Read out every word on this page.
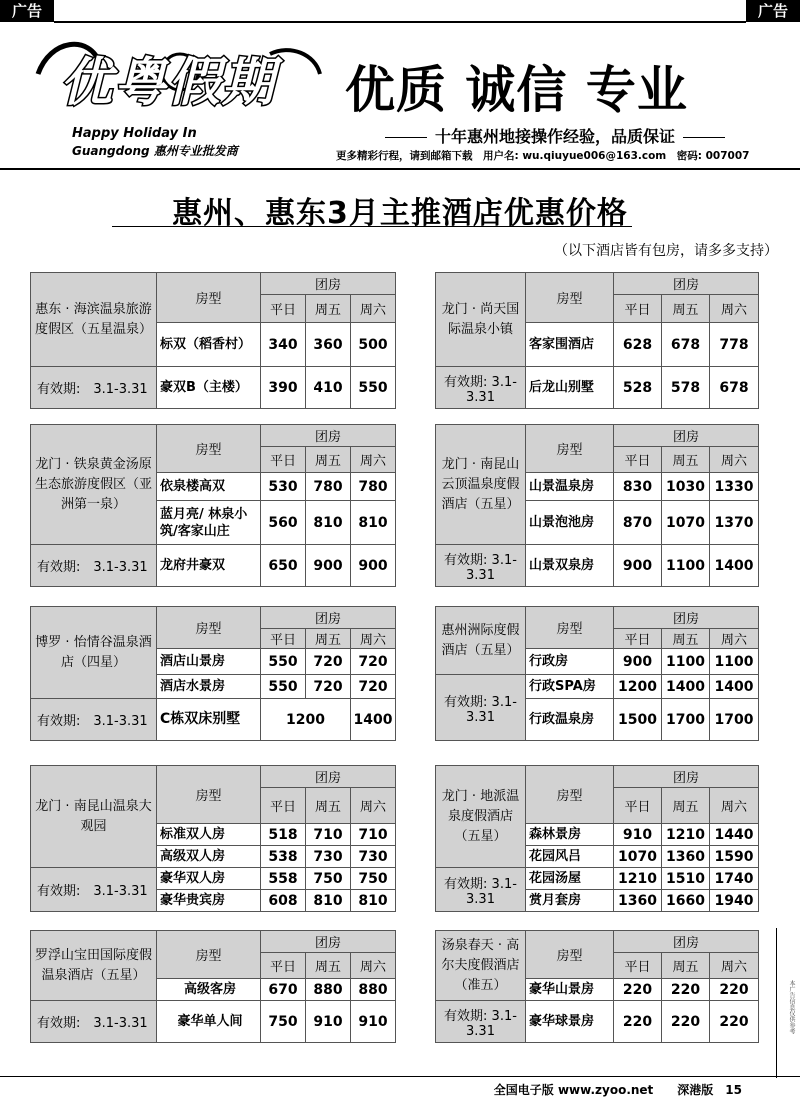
广告	广告
优粤假期
Happy Holiday In
Guangdong 惠州专业批发商
优质 诚信 专业
十年惠州地接操作经验，品质保证
更多精彩行程，请到邮箱下载　用户名: wu.qiuyue006@163.com　密码: 007007
惠州、惠东3月主推酒店优惠价格
（以下酒店皆有包房，请多多支持）
惠东 · 海滨温泉旅游度假区（五星温泉）	房型	团房		
		平日	周五	周六
	标双（稻香村）	340	360	500
有效期:　3.1-3.31	豪双B（主楼）	390	410	550
龙门 · 尚天国际温泉小镇	房型	团房		
		平日	周五	周六
	客家围酒店	628	678	778
有效期: 3.1-3.31	后龙山别墅	528	578	678
龙门 · 铁泉黄金汤原生态旅游度假区（亚洲第一泉）	房型	团房		
		平日	周五	周六
	依泉楼高双	530	780	780
	蓝月亮/ 林泉小筑/客家山庄	560	810	810
有效期:　3.1-3.31	龙府井豪双	650	900	900
龙门 · 南昆山云顶温泉度假酒店（五星）	房型	团房		
		平日	周五	周六
	山景温泉房	830	1030	1330
	山景泡池房	870	1070	1370
有效期: 3.1-3.31	山景双泉房	900	1100	1400
博罗 · 怡情谷温泉酒店（四星）	房型	团房		
		平日	周五	周六
	酒店山景房	550	720	720
	酒店水景房	550	720	720
有效期:　3.1-3.31	C栋双床别墅	1200		1400
惠州洲际度假酒店（五星）	房型	团房		
		平日	周五	周六
	行政房	900	1100	1100
有效期: 3.1-3.31	行政SPA房	1200	1400	1400
	行政温泉房	1500	1700	1700
龙门 · 南昆山温泉大观园	房型	团房		
		平日	周五	周六
	标准双人房	518	710	710
	高级双人房	538	730	730
有效期:　3.1-3.31	豪华双人房	558	750	750
	豪华贵宾房	608	810	810
龙门 · 地派温泉度假酒店（五星）	房型	团房		
		平日	周五	周六
	森林景房	910	1210	1440
	花园风吕	1070	1360	1590
有效期: 3.1-3.31	花园汤屋	1210	1510	1740
	赏月套房	1360	1660	1940
罗浮山宝田国际度假温泉酒店（五星）	房型	团房		
		平日	周五	周六
	高级客房	670	880	880
有效期:　3.1-3.31	豪华单人间	750	910	910
汤泉春天 · 高尔夫度假酒店（准五）	房型	团房		
		平日	周五	周六
	豪华山景房	220	220	220
有效期: 3.1-3.31	豪华球景房	220	220	220	本广告信息仅供参考
全国电子版 www.zyoo.net　　深港版　15
